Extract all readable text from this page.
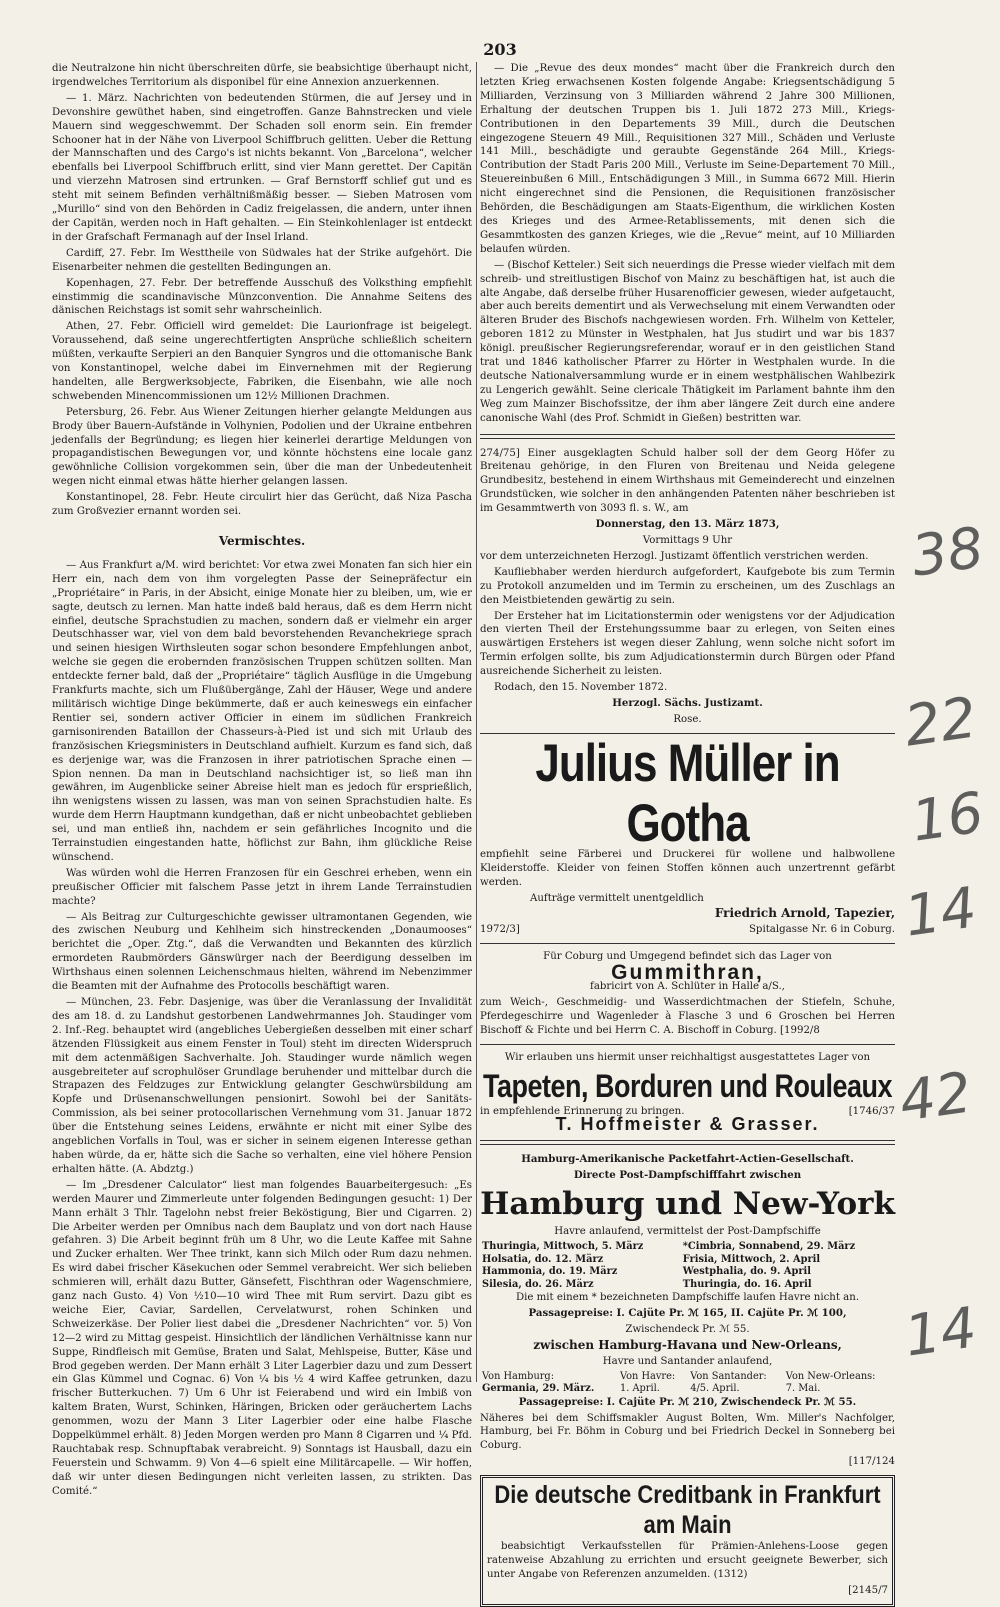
203

die Neutralzone hin nicht überschreiten dürfe, sie beabsichtige überhaupt nicht, irgendwelches Territorium als disponibel für eine Annexion anzuerkennen.

— 1. März. Nachrichten von bedeutenden Stürmen, die auf Jersey und in Devonshire gewüthet haben, sind eingetroffen. Ganze Bahnstrecken und viele Mauern sind weggeschwemmt. Der Schaden soll enorm sein. Ein fremder Schooner hat in der Nähe von Liverpool Schiffbruch gelitten. Ueber die Rettung der Mannschaften und des Cargo's ist nichts bekannt. Von „Barcelona“, welcher ebenfalls bei Liverpool Schiffbruch erlitt, sind vier Mann gerettet. Der Capitän und vierzehn Matrosen sind ertrunken. — Graf Bernstorff schlief gut und es steht mit seinem Befinden verhältnißmäßig besser. — Sieben Matrosen vom „Murillo“ sind von den Behörden in Cadiz freigelassen, die andern, unter ihnen der Capitän, werden noch in Haft gehalten. — Ein Steinkohlenlager ist entdeckt in der Grafschaft Fermanagh auf der Insel Irland.

Cardiff, 27. Febr. Im Westtheile von Südwales hat der Strike aufgehört. Die Eisenarbeiter nehmen die gestellten Bedingungen an.

Kopenhagen, 27. Febr. Der betreffende Ausschuß des Volksthing empfiehlt einstimmig die scandinavische Münzconvention. Die Annahme Seitens des dänischen Reichstags ist somit sehr wahrscheinlich.

Athen, 27. Febr. Officiell wird gemeldet: Die Laurionfrage ist beigelegt. Voraussehend, daß seine ungerechtfertigten Ansprüche schließlich scheitern müßten, verkaufte Serpieri an den Banquier Syngros und die ottomanische Bank von Konstantinopel, welche dabei im Einvernehmen mit der Regierung handelten, alle Bergwerksobjecte, Fabriken, die Eisenbahn, wie alle noch schwebenden Minencommissionen um 12½ Millionen Drachmen.

Petersburg, 26. Febr. Aus Wiener Zeitungen hierher gelangte Meldungen aus Brody über Bauern-Aufstände in Volhynien, Podolien und der Ukraine entbehren jedenfalls der Begründung; es liegen hier keinerlei derartige Meldungen von propagandistischen Bewegungen vor, und könnte höchstens eine locale ganz gewöhnliche Collision vorgekommen sein, über die man der Unbedeutenheit wegen nicht einmal etwas hätte hierher gelangen lassen.

Konstantinopel, 28. Febr. Heute circulirt hier das Gerücht, daß Niza Pascha zum Großvezier ernannt worden sei.

Vermischtes.

— Aus Frankfurt a/M. wird berichtet: Vor etwa zwei Monaten fan sich hier ein Herr ein, nach dem von ihm vorgelegten Passe der Seinepräfectur ein „Propriétaire“ in Paris, in der Absicht, einige Monate hier zu bleiben, um, wie er sagte, deutsch zu lernen. Man hatte indeß bald heraus, daß es dem Herrn nicht einfiel, deutsche Sprachstudien zu machen, sondern daß er vielmehr ein arger Deutschhasser war, viel von dem bald bevorstehenden Revanchekriege sprach und seinen hiesigen Wirthsleuten sogar schon besondere Empfehlungen anbot, welche sie gegen die erobernden französischen Truppen schützen sollten. Man entdeckte ferner bald, daß der „Propriétaire“ täglich Ausflüge in die Umgebung Frankfurts machte, sich um Flußübergänge, Zahl der Häuser, Wege und andere militärisch wichtige Dinge bekümmerte, daß er auch keineswegs ein einfacher Rentier sei, sondern activer Officier in einem im südlichen Frankreich garnisonirenden Bataillon der Chasseurs-à-Pied ist und sich mit Urlaub des französischen Kriegsministers in Deutschland aufhielt. Kurzum es fand sich, daß es derjenige war, was die Franzosen in ihrer patriotischen Sprache einen — Spion nennen. Da man in Deutschland nachsichtiger ist, so ließ man ihn gewähren, im Augenblicke seiner Abreise hielt man es jedoch für ersprießlich, ihn wenigstens wissen zu lassen, was man von seinen Sprachstudien halte. Es wurde dem Herrn Hauptmann kundgethan, daß er nicht unbeobachtet geblieben sei, und man entließ ihn, nachdem er sein gefährliches Incognito und die Terrainstudien eingestanden hatte, höflichst zur Bahn, ihm glückliche Reise wünschend.

Was würden wohl die Herren Franzosen für ein Geschrei erheben, wenn ein preußischer Officier mit falschem Passe jetzt in ihrem Lande Terrainstudien machte?

— Als Beitrag zur Culturgeschichte gewisser ultramontanen Gegenden, wie des zwischen Neuburg und Kehlheim sich hinstreckenden „Donaumooses“ berichtet die „Oper. Ztg.“, daß die Verwandten und Bekannten des kürzlich ermordeten Raubmörders Gänswürger nach der Beerdigung desselben im Wirthshaus einen solennen Leichenschmaus hielten, während im Nebenzimmer die Beamten mit der Aufnahme des Protocolls beschäftigt waren.

— München, 23. Febr. Dasjenige, was über die Veranlassung der Invalidität des am 18. d. zu Landshut gestorbenen Landwehrmannes Joh. Staudinger vom 2. Inf.-Reg. behauptet wird (angebliches Uebergießen desselben mit einer scharf ätzenden Flüssigkeit aus einem Fenster in Toul) steht im directen Widerspruch mit dem actenmäßigen Sachverhalte. Joh. Staudinger wurde nämlich wegen ausgebreiteter auf scrophulöser Grundlage beruhender und mittelbar durch die Strapazen des Feldzuges zur Entwicklung gelangter Geschwürsbildung am Kopfe und Drüsenanschwellungen pensionirt. Sowohl bei der Sanitäts-Commission, als bei seiner protocollarischen Vernehmung vom 31. Januar 1872 über die Entstehung seines Leidens, erwähnte er nicht mit einer Sylbe des angeblichen Vorfalls in Toul, was er sicher in seinem eigenen Interesse gethan haben würde, da er, hätte sich die Sache so verhalten, eine viel höhere Pension erhalten hätte. (A. Abdztg.)

— Im „Dresdener Calculator“ liest man folgendes Bauarbeitergesuch: „Es werden Maurer und Zimmerleute unter folgenden Bedingungen gesucht: 1) Der Mann erhält 3 Thlr. Tagelohn nebst freier Beköstigung, Bier und Cigarren. 2) Die Arbeiter werden per Omnibus nach dem Bauplatz und von dort nach Hause gefahren. 3) Die Arbeit beginnt früh um 8 Uhr, wo die Leute Kaffee mit Sahne und Zucker erhalten. Wer Thee trinkt, kann sich Milch oder Rum dazu nehmen. Es wird dabei frischer Käsekuchen oder Semmel verabreicht. Wer sich belieben schmieren will, erhält dazu Butter, Gänsefett, Fischthran oder Wagenschmiere, ganz nach Gusto. 4) Von ½10—10 wird Thee mit Rum servirt. Dazu gibt es weiche Eier, Caviar, Sardellen, Cervelatwurst, rohen Schinken und Schweizerkäse. Der Polier liest dabei die „Dresdener Nachrichten“ vor. 5) Von 12—2 wird zu Mittag gespeist. Hinsichtlich der ländlichen Verhältnisse kann nur Suppe, Rindfleisch mit Gemüse, Braten und Salat, Mehlspeise, Butter, Käse und Brod gegeben werden. Der Mann erhält 3 Liter Lagerbier dazu und zum Dessert ein Glas Kümmel und Cognac. 6) Von ¼ bis ½ 4 wird Kaffee getrunken, dazu frischer Butterkuchen. 7) Um 6 Uhr ist Feierabend und wird ein Imbiß von kaltem Braten, Wurst, Schinken, Häringen, Bricken oder geräuchertem Lachs genommen, wozu der Mann 3 Liter Lagerbier oder eine halbe Flasche Doppelkümmel erhält. 8) Jeden Morgen werden pro Mann 8 Cigarren und ¼ Pfd. Rauchtabak resp. Schnupftabak verabreicht. 9) Sonntags ist Hausball, dazu ein Feuerstein und Schwamm. 9) Von 4—6 spielt eine Militärcapelle. — Wir hoffen, daß wir unter diesen Bedingungen nicht verleiten lassen, zu strikten. Das Comité.“

— Die „Revue des deux mondes“ macht über die Frankreich durch den letzten Krieg erwachsenen Kosten folgende Angabe: Kriegsentschädigung 5 Milliarden, Verzinsung von 3 Milliarden während 2 Jahre 300 Millionen, Erhaltung der deutschen Truppen bis 1. Juli 1872 273 Mill., Kriegs-Contributionen in den Departements 39 Mill., durch die Deutschen eingezogene Steuern 49 Mill., Requisitionen 327 Mill., Schäden und Verluste 141 Mill., beschädigte und geraubte Gegenstände 264 Mill., Kriegs-Contribution der Stadt Paris 200 Mill., Verluste im Seine-Departement 70 Mill., Steuereinbußen 6 Mill., Entschädigungen 3 Mill., in Summa 6672 Mill. Hierin nicht eingerechnet sind die Pensionen, die Requisitionen französischer Behörden, die Beschädigungen am Staats-Eigenthum, die wirklichen Kosten des Krieges und des Armee-Retablissements, mit denen sich die Gesammtkosten des ganzen Krieges, wie die „Revue“ meint, auf 10 Milliarden belaufen würden.

— (Bischof Ketteler.) Seit sich neuerdings die Presse wieder vielfach mit dem schreib- und streitlustigen Bischof von Mainz zu beschäftigen hat, ist auch die alte Angabe, daß derselbe früher Husarenofficier gewesen, wieder aufgetaucht, aber auch bereits dementirt und als Verwechselung mit einem Verwandten oder älteren Bruder des Bischofs nachgewiesen worden. Frh. Wilhelm von Ketteler, geboren 1812 zu Münster in Westphalen, hat Jus studirt und war bis 1837 königl. preußischer Regierungsreferendar, worauf er in den geistlichen Stand trat und 1846 katholischer Pfarrer zu Hörter in Westphalen wurde. In die deutsche Nationalversammlung wurde er in einem westphälischen Wahlbezirk zu Lengerich gewählt. Seine clericale Thätigkeit im Parlament bahnte ihm den Weg zum Mainzer Bischofssitze, der ihm aber längere Zeit durch eine andere canonische Wahl (des Prof. Schmidt in Gießen) bestritten war.

274/75] Einer ausgeklagten Schuld halber soll der dem Georg Höfer zu Breitenau gehörige, in den Fluren von Breitenau und Neida gelegene Grundbesitz, bestehend in einem Wirthshaus mit Gemeinderecht und einzelnen Grundstücken, wie solcher in den anhängenden Patenten näher beschrieben ist im Gesammtwerth von 3093 fl. s. W., am

Donnerstag, den 13. März 1873,

Vormittags 9 Uhr

vor dem unterzeichneten Herzogl. Justizamt öffentlich verstrichen werden.

Kaufliebhaber werden hierdurch aufgefordert, Kaufgebote bis zum Termin zu Protokoll anzumelden und im Termin zu erscheinen, um des Zuschlags an den Meistbietenden gewärtig zu sein.

Der Ersteher hat im Licitationstermin oder wenigstens vor der Adjudication den vierten Theil der Erstehungssumme baar zu erlegen, von Seiten eines auswärtigen Erstehers ist wegen dieser Zahlung, wenn solche nicht sofort im Termin erfolgen sollte, bis zum Adjudicationstermin durch Bürgen oder Pfand ausreichende Sicherheit zu leisten.

Rodach, den 15. November 1872.

Herzogl. Sächs. Justizamt.

Rose.

Julius Müller in Gotha

empfiehlt seine Färberei und Druckerei für wollene und halbwollene Kleiderstoffe. Kleider von feinen Stoffen können auch unzertrennt gefärbt werden.

Aufträge vermittelt unentgeldlich

Friedrich Arnold, Tapezier,

1972/3]	Spitalgasse Nr. 6 in Coburg.

Für Coburg und Umgegend befindet sich das Lager von

Gummithran,

fabricirt von A. Schlüter in Halle a/S.,

zum Weich-, Geschmeidig- und Wasserdichtmachen der Stiefeln, Schuhe, Pferdegeschirre und Wagenleder à Flasche 3 und 6 Groschen bei Herren Bischoff & Fichte und bei Herrn C. A. Bischoff in Coburg. [1992/8

Wir erlauben uns hiermit unser reichhaltigst ausgestattetes Lager von

Tapeten, Borduren und Rouleaux
in empfehlende Erinnerung zu bringen.	[1746/37
T. Hoffmeister & Grasser.

Hamburg-Amerikanische Packetfahrt-Actien-Gesellschaft.

Directe Post-Dampfschifffahrt zwischen

Hamburg und New-York

Havre anlaufend, vermittelst der Post-Dampfschiffe

Thuringia, Mittwoch, 5. März	*Cimbria, Sonnabend, 29. März
Holsatia, do. 12. März	Frisia, Mittwoch, 2. April
Hammonia, do. 19. März	Westphalia, do. 9. April
Silesia, do. 26. März	Thuringia, do. 16. April

Die mit einem * bezeichneten Dampfschiffe laufen Havre nicht an.

Passagepreise: I. Cajüte Pr. ℳ 165, II. Cajüte Pr. ℳ 100,

Zwischendeck Pr. ℳ 55.

zwischen Hamburg-Havana und New-Orleans,

Havre und Santander anlaufend,

Von Hamburg:	Von Havre:	Von Santander:	Von New-Orleans:
Germania, 29. März.	1. April.	4/5. April.	7. Mai.

Passagepreise: I. Cajüte Pr. ℳ 210, Zwischendeck Pr. ℳ 55.

Näheres bei dem Schiffsmakler August Bolten, Wm. Miller's Nachfolger, Hamburg, bei Fr. Böhm in Coburg und bei Friedrich Deckel in Sonneberg bei Coburg.

[117/124

Die deutsche Creditbank in Frankfurt am Main

beabsichtigt Verkaufsstellen für Prämien-Anlehens-Loose gegen ratenweise Abzahlung zu errichten und ersucht geeignete Bewerber, sich unter Angabe von Referenzen anzumelden. (1312)

[2145/7

38
22
16
14
42
14
